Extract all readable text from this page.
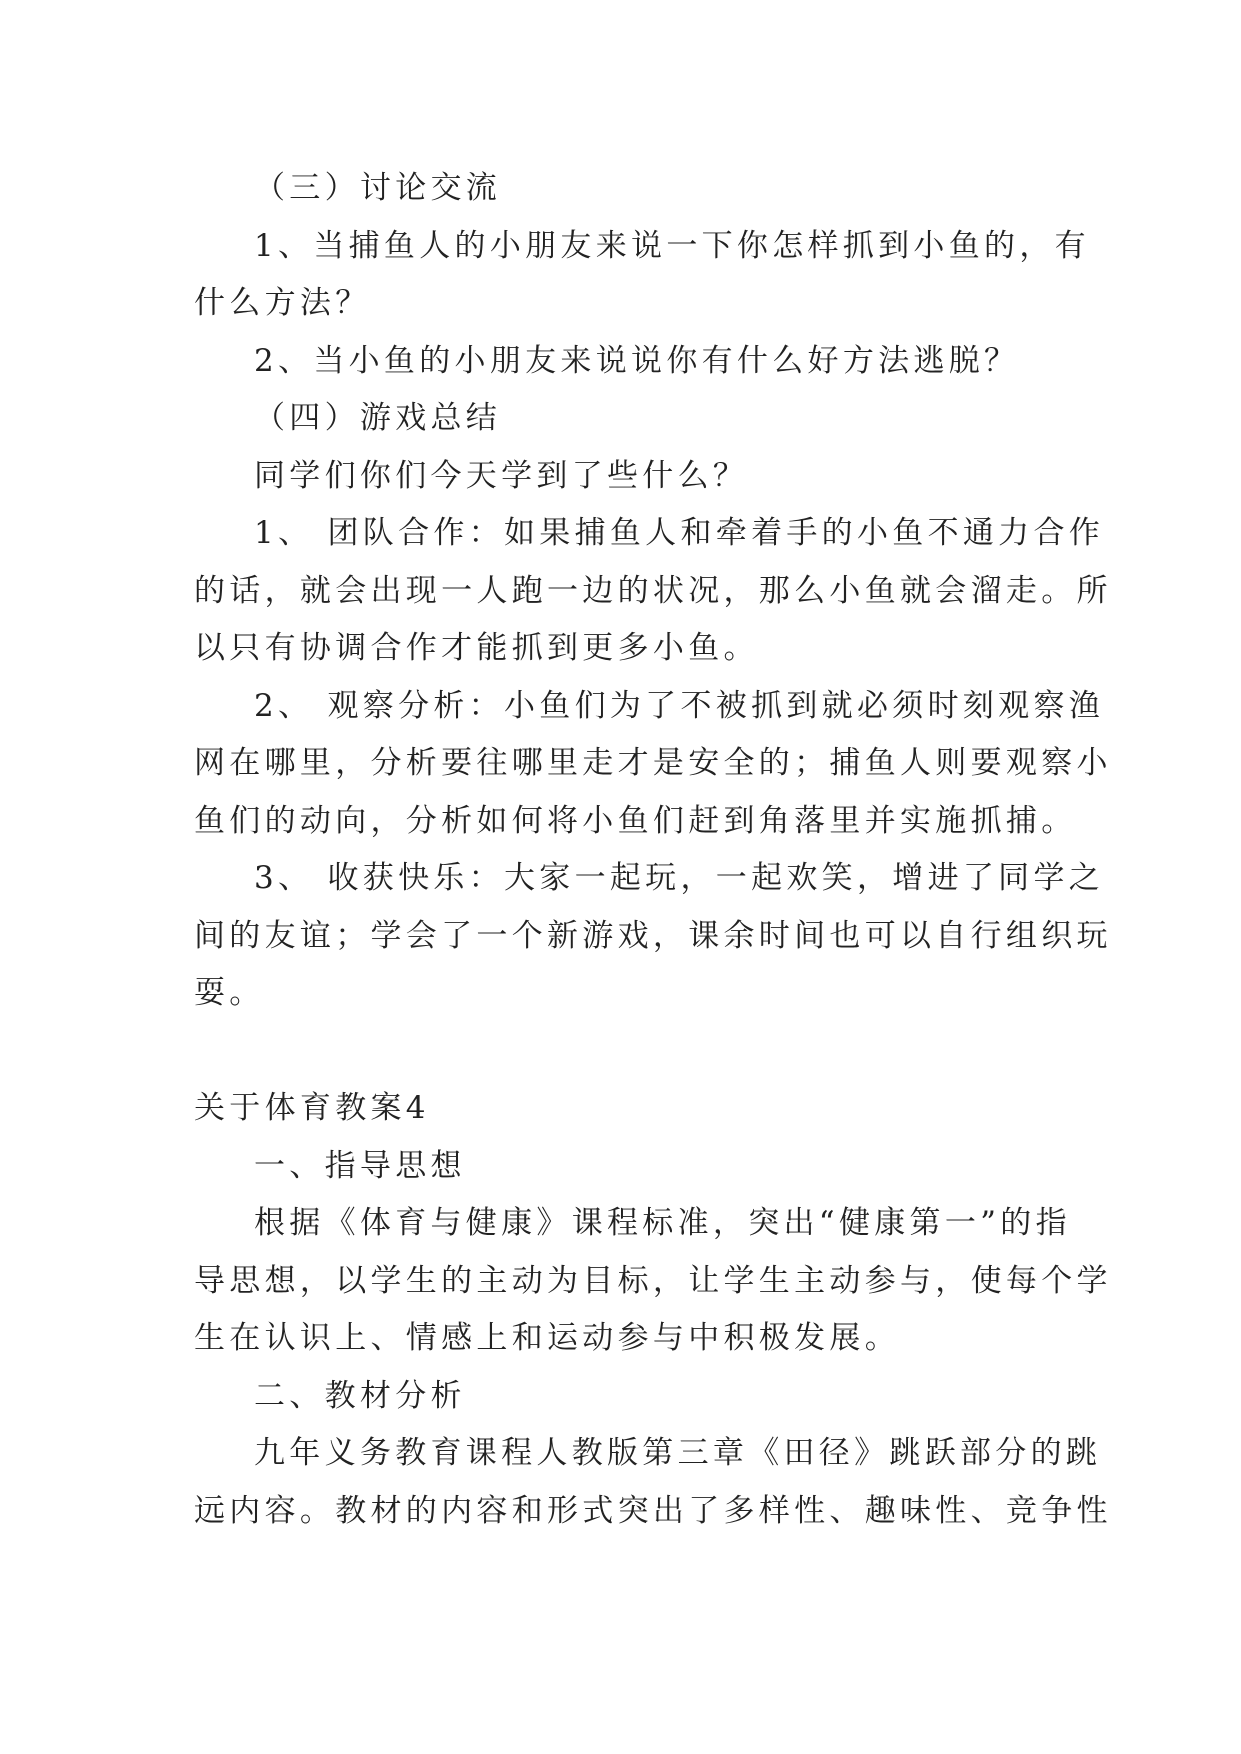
（三）讨论交流
1、当捕鱼人的小朋友来说一下你怎样抓到小鱼的，有
什么方法？
2、当小鱼的小朋友来说说你有什么好方法逃脱？
（四）游戏总结
同学们你们今天学到了些什么？
1、 团队合作：如果捕鱼人和牵着手的小鱼不通力合作
的话，就会出现一人跑一边的状况，那么小鱼就会溜走。所
以只有协调合作才能抓到更多小鱼。
2、 观察分析：小鱼们为了不被抓到就必须时刻观察渔
网在哪里，分析要往哪里走才是安全的；捕鱼人则要观察小
鱼们的动向，分析如何将小鱼们赶到角落里并实施抓捕。
3、 收获快乐：大家一起玩，一起欢笑，增进了同学之
间的友谊；学会了一个新游戏，课余时间也可以自行组织玩
耍。
关于体育教案4
一、指导思想
根据《体育与健康》课程标准，突出“健康第一”的指
导思想，以学生的主动为目标，让学生主动参与，使每个学
生在认识上、情感上和运动参与中积极发展。
二、教材分析
九年义务教育课程人教版第三章《田径》跳跃部分的跳
远内容。教材的内容和形式突出了多样性、趣味性、竞争性
